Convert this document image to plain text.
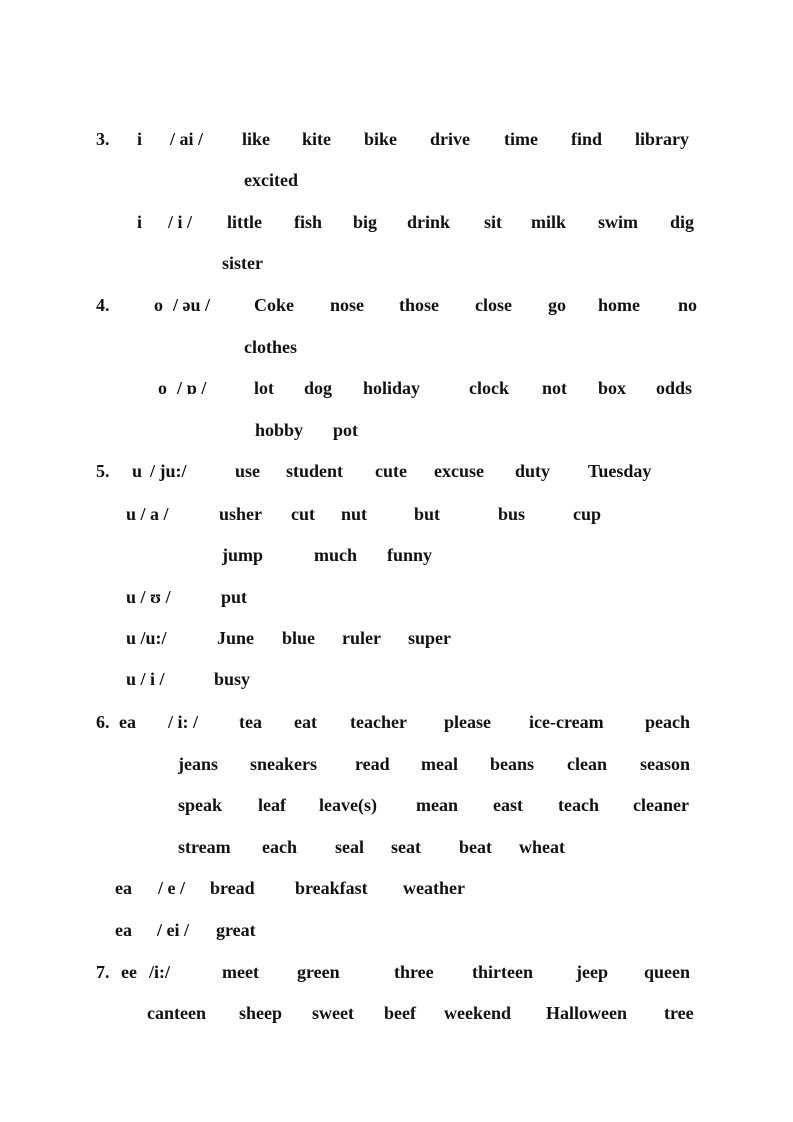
3. i / ai / like kite bike drive time find library
excited
i / i / little fish big drink sit milk swim dig
sister
4. o / əu / Coke nose those close go home no
clothes
o / ɒ /	lot dog holiday	clock not box odds
hobby pot
5. u / ju:/	use student cute excuse duty Tuesday
u / a /	usher cut nut	but	bus	cup
jump	much funny
u / ʊ /	put
u /u:/	June blue ruler super
u / i /	busy
6. ea / i: / tea eat teacher please ice-cream peach
jeans sneakers read meal beans clean season
speak leaf leave(s) mean east teach cleaner
stream each seal seat beat wheat
ea / e / bread breakfast weather
ea / ei / great
7. ee /i:/	meet green	three thirteen jeep queen
canteen sheep sweet beef weekend Halloween tree
